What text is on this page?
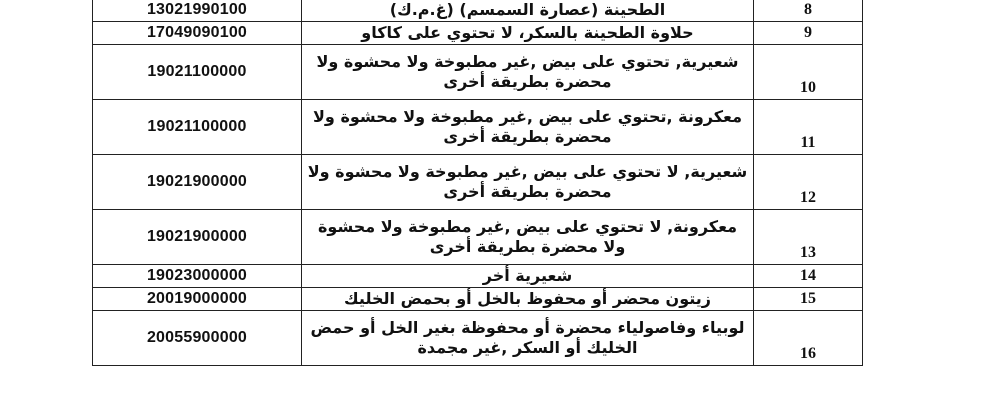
13021990100	الطحينة (عصارة السمسم) (غ.م.ك)	8
17049090100	حلاوة الطحينة بالسكر، لا تحتوي على كاكاو	9
19021100000	شعيرية, تحتوي على بيض ,غير مطبوخة ولا محشوة ولا محضرة بطريقة أخرى	10
19021100000	معكرونة ,تحتوي على بيض ,غير مطبوخة ولا محشوة ولا محضرة بطريقة أخرى	11
19021900000	شعيرية, لا تحتوي على بيض ,غير مطبوخة ولا محشوة ولا محضرة بطريقة أخرى	12
19021900000	معكرونة, لا تحتوي على بيض ,غير مطبوخة ولا محشوة ولا محضرة بطريقة أخرى	13
19023000000	شعيرية أخر	14
20019000000	زيتون محضر أو محفوظ بالخل أو بحمض الخليك	15
20055900000	لوبياء وفاصولياء محضرة أو محفوظة بغير الخل أو حمض الخليك أو السكر ,غير مجمدة	16
